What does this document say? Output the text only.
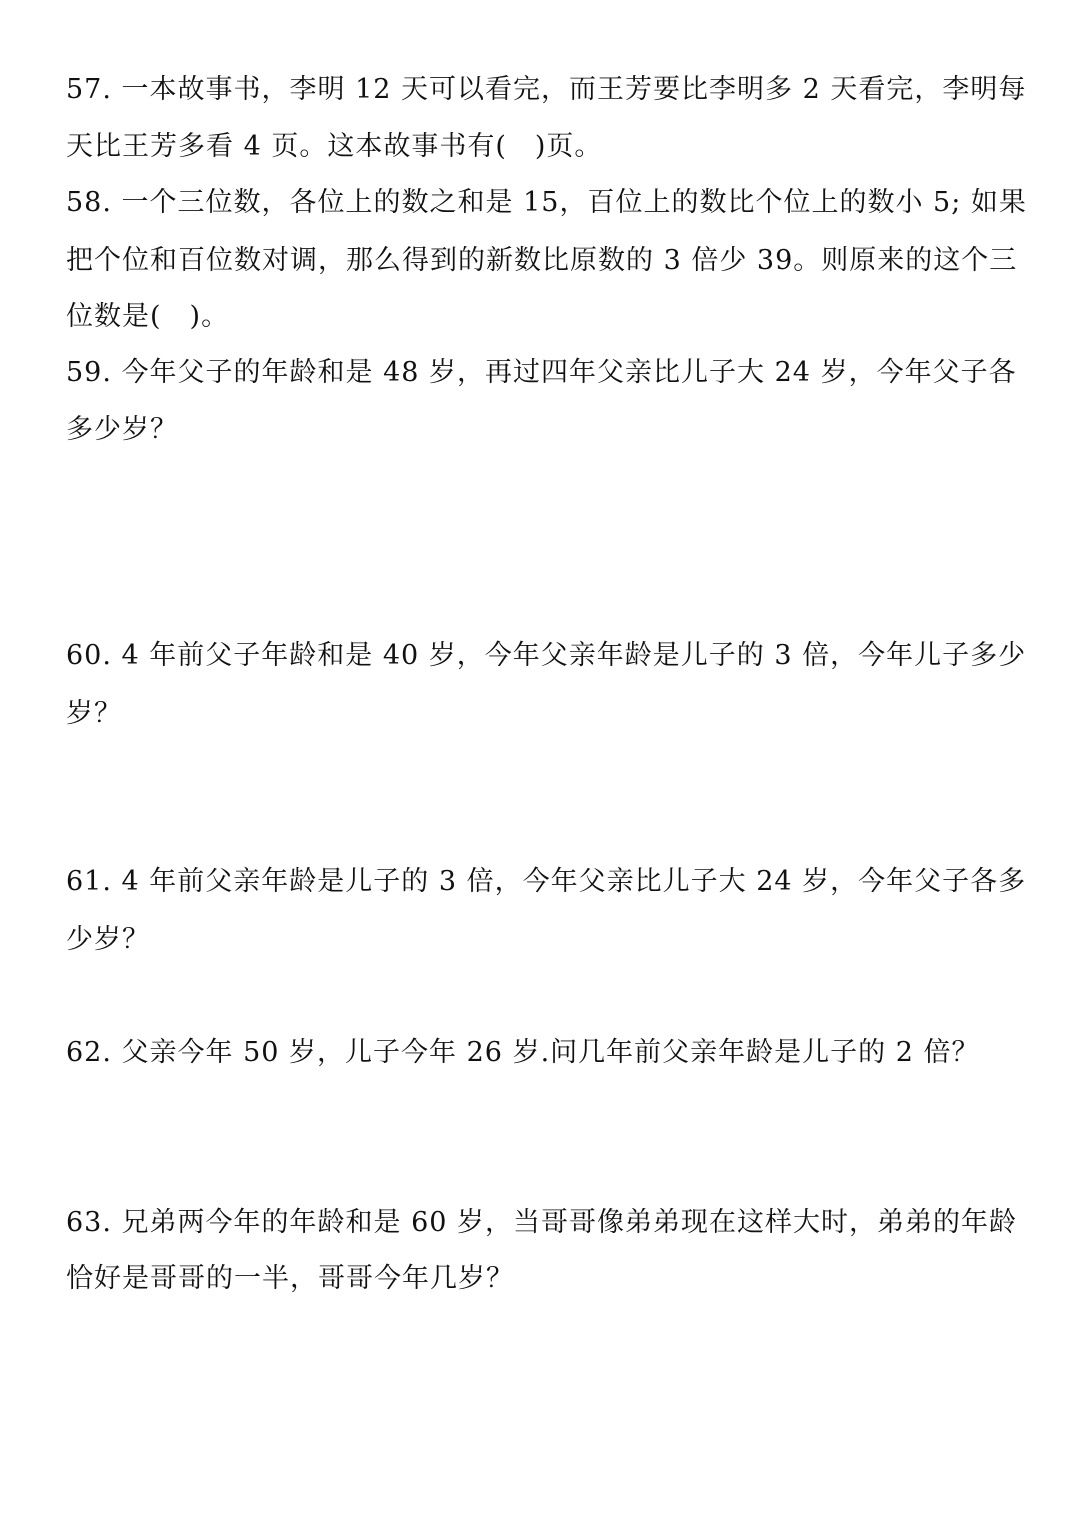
57. 一本故事书，李明 12 天可以看完，而王芳要比李明多 2 天看完，李明每
天比王芳多看 4 页。这本故事书有(　)页。
58. 一个三位数，各位上的数之和是 15，百位上的数比个位上的数小 5; 如果
把个位和百位数对调，那么得到的新数比原数的 3 倍少 39。则原来的这个三
位数是(　)。
59. 今年父子的年龄和是 48 岁，再过四年父亲比儿子大 24 岁，今年父子各
多少岁？
60. 4 年前父子年龄和是 40 岁，今年父亲年龄是儿子的 3 倍，今年儿子多少
岁？
61. 4 年前父亲年龄是儿子的 3 倍，今年父亲比儿子大 24 岁，今年父子各多
少岁？
62. 父亲今年 50 岁，儿子今年 26 岁.问几年前父亲年龄是儿子的 2 倍？
63. 兄弟两今年的年龄和是 60 岁，当哥哥像弟弟现在这样大时，弟弟的年龄
恰好是哥哥的一半，哥哥今年几岁？
